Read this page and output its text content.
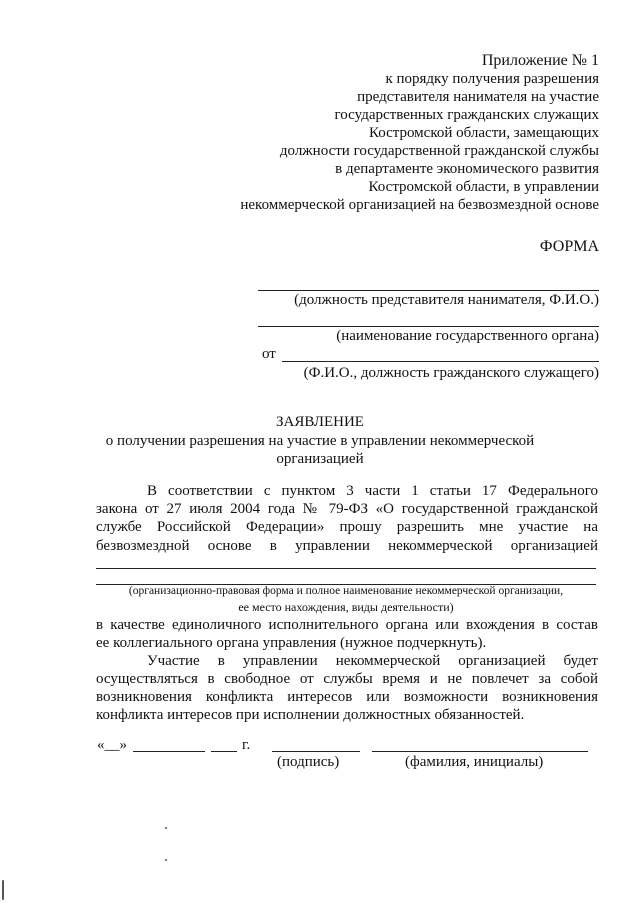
Приложение № 1
к порядку получения разрешения
представителя нанимателя на участие
государственных гражданских служащих
Костромской области, замещающих
должности государственной гражданской службы
в департаменте экономического развития
Костромской области, в управлении
некоммерческой организацией на безвозмездной основе
ФОРМА
(должность представителя нанимателя, Ф.И.О.)
(наименование государственного органа)
от
(Ф.И.О., должность гражданского служащего)
ЗАЯВЛЕНИЕ
о получении разрешения на участие в управлении некоммерческой
организацией
В соответствии с пунктом 3 части 1 статьи 17 Федерального
закона от 27 июля 2004 года № 79-ФЗ «О государственной гражданской
службе Российской Федерации» прошу разрешить мне участие на
безвозмездной основе в управлении некоммерческой организацией
(организационно-правовая форма и полное наименование некоммерческой организации,
ее место нахождения, виды деятельности)
в качестве единоличного исполнительного органа или вхождения в состав
ее коллегиального органа управления (нужное подчеркнуть).
Участие в управлении некоммерческой организацией будет
осуществляться в свободное от службы время и не повлечет за собой
возникновения конфликта интересов или возможности возникновения
конфликта интересов при исполнении должностных обязанностей.
«__»	г.
(подпись)	(фамилия, инициалы)
